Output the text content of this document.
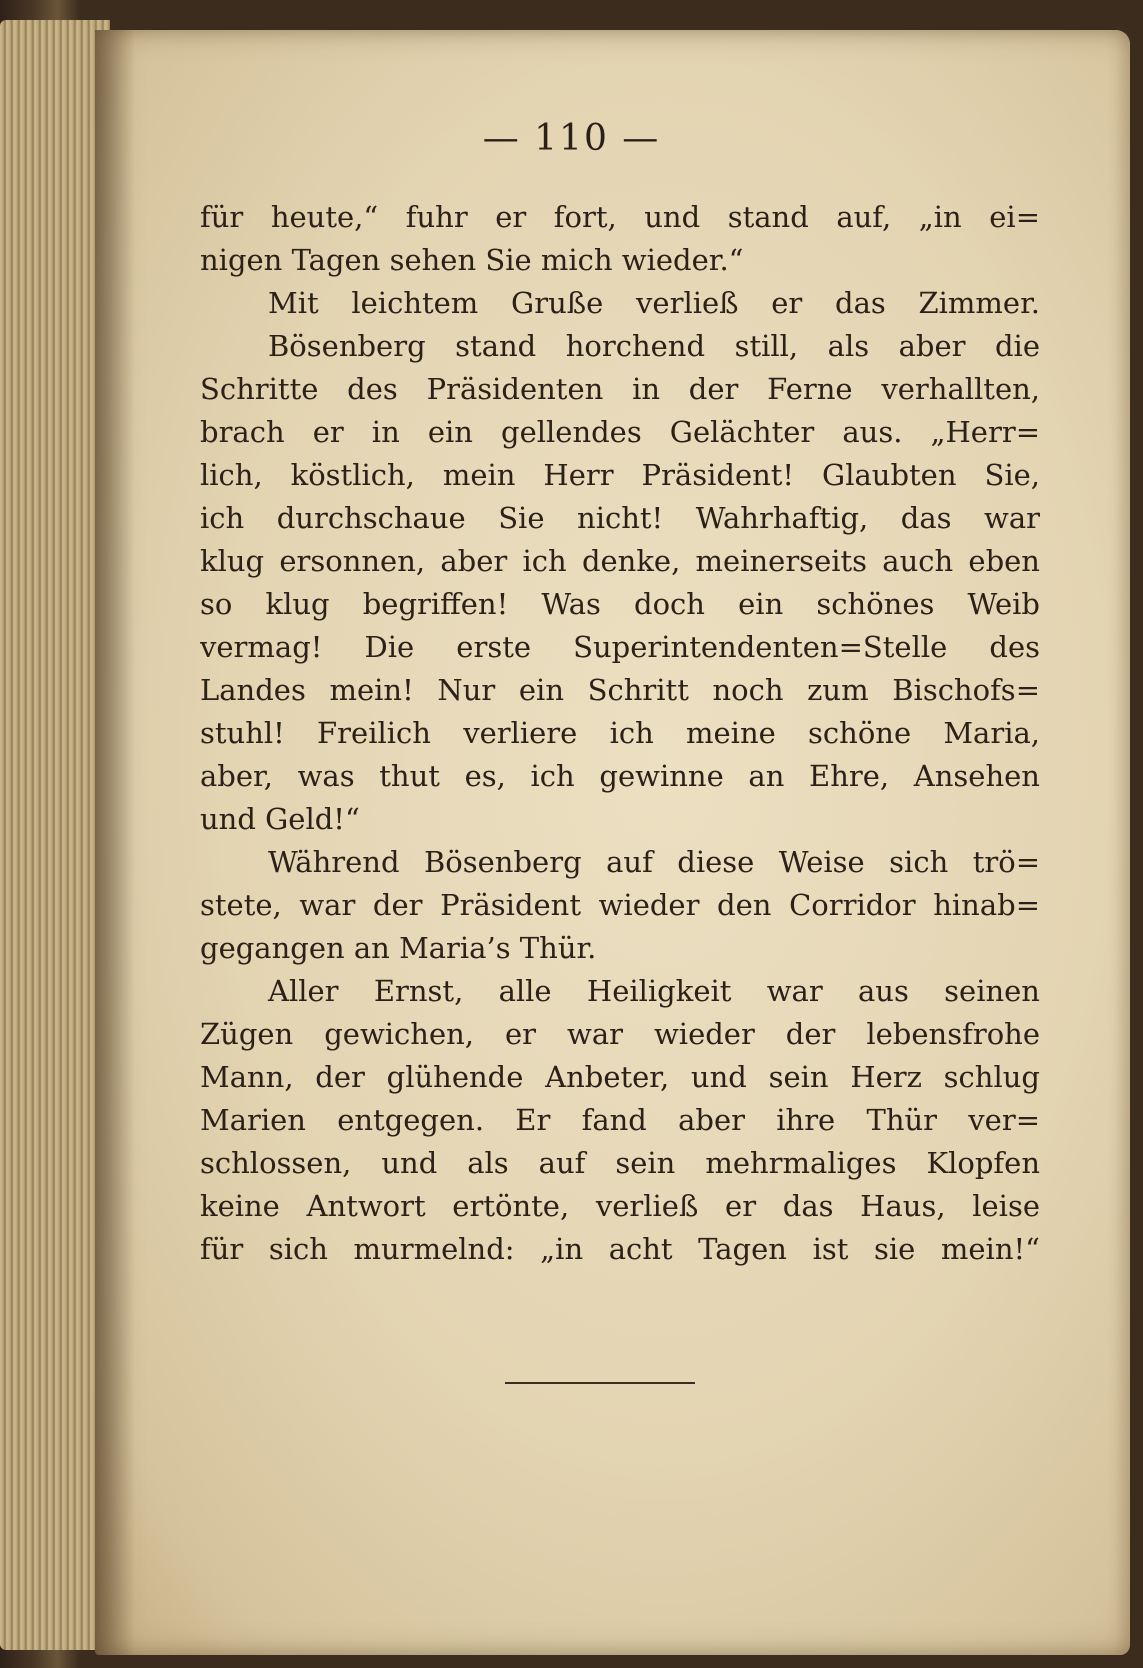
— 110 —
für heute,“ fuhr er fort, und stand auf, „in ei=
nigen Tagen sehen Sie mich wieder.“
Mit leichtem Gruße verließ er das Zimmer.
Bösenberg stand horchend still, als aber die
Schritte des Präsidenten in der Ferne verhallten,
brach er in ein gellendes Gelächter aus. „Herr=
lich, köstlich, mein Herr Präsident! Glaubten Sie,
ich durchschaue Sie nicht! Wahrhaftig, das war
klug ersonnen, aber ich denke, meinerseits auch eben
so klug begriffen! Was doch ein schönes Weib
vermag! Die erste Superintendenten=Stelle des
Landes mein! Nur ein Schritt noch zum Bischofs=
stuhl! Freilich verliere ich meine schöne Maria,
aber, was thut es, ich gewinne an Ehre, Ansehen
und Geld!“
Während Bösenberg auf diese Weise sich trö=
stete, war der Präsident wieder den Corridor hinab=
gegangen an Maria’s Thür.
Aller Ernst, alle Heiligkeit war aus seinen
Zügen gewichen, er war wieder der lebensfrohe
Mann, der glühende Anbeter, und sein Herz schlug
Marien entgegen. Er fand aber ihre Thür ver=
schlossen, und als auf sein mehrmaliges Klopfen
keine Antwort ertönte, verließ er das Haus, leise
für sich murmelnd: „in acht Tagen ist sie mein!“
